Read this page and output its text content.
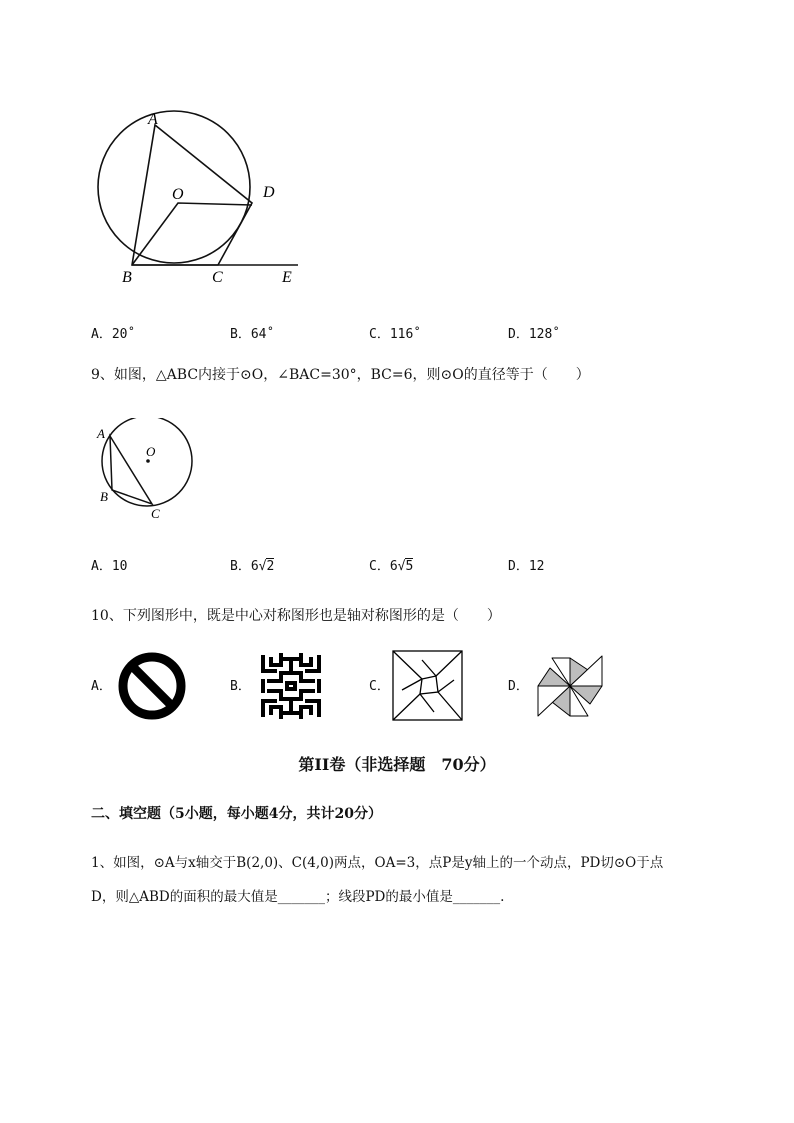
A
O	D
B	C	E
A．20˚	B．64˚	C．116˚	D．128˚
9、如图，△ABC内接于⊙O，∠BAC=30°，BC=6，则⊙O的直径等于（　　）
O
A
B
C
A．10	B．6√2	C．6√5	D．12
10、下列图形中，既是中心对称图形也是轴对称图形的是（　　）
A．	B．	C．	D．
第II卷（非选择题　70分）
二、填空题（5小题，每小题4分，共计20分）
1、如图，⊙A与x轴交于B(2,0)、C(4,0)两点，OA=3，点P是y轴上的一个动点，PD切⊙O于点
D，则△ABD的面积的最大值是_______；线段PD的最小值是_______.
